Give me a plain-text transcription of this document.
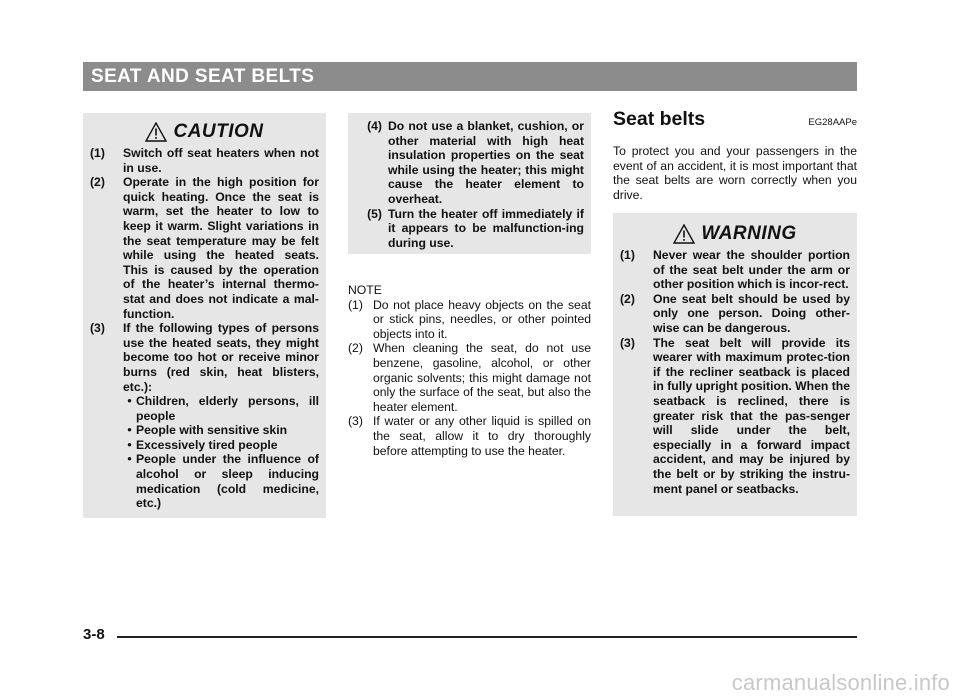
SEAT AND SEAT BELTS
CAUTION
(1)	Switch off seat heaters when not in use.
(2)	Operate in the high position for quick heating. Once the seat is warm, set the heater to low to keep it warm. Slight variations in the seat temperature may be felt while using the heated seats. This is caused by the operation of the heater’s internal thermo-stat and does not indicate a mal-function.
(3)	If the following types of persons use the heated seats, they might become too hot or receive minor burns (red skin, heat blisters, etc.):
• Children, elderly persons, ill people
• People with sensitive skin
• Excessively tired people
• People under the influence of alcohol or sleep inducing medication (cold medicine, etc.)
(4) Do not use a blanket, cushion, or other material with high heat insulation properties on the seat while using the heater; this might cause the heater element to overheat.
(5) Turn the heater off immediately if it appears to be malfunction-ing during use.
NOTE
(1) Do not place heavy objects on the seat or stick pins, needles, or other pointed objects into it.
(2) When cleaning the seat, do not use benzene, gasoline, alcohol, or other organic solvents; this might damage not only the surface of the seat, but also the heater element.
(3) If water or any other liquid is spilled on the seat, allow it to dry thoroughly before attempting to use the heater.
Seat belts	EG28AAPe
To protect you and your passengers in the event of an accident, it is most important that the seat belts are worn correctly when you drive.
WARNING
(1)	Never wear the shoulder portion of the seat belt under the arm or other position which is incor-rect.
(2)	One seat belt should be used by only one person. Doing other-wise can be dangerous.
(3)	The seat belt will provide its wearer with maximum protec-tion if the recliner seatback is placed in fully upright position. When the seatback is reclined, there is greater risk that the pas-senger will slide under the belt, especially in a forward impact accident, and may be injured by the belt or by striking the instru-ment panel or seatbacks.
3-8
carmanualsonline.info
